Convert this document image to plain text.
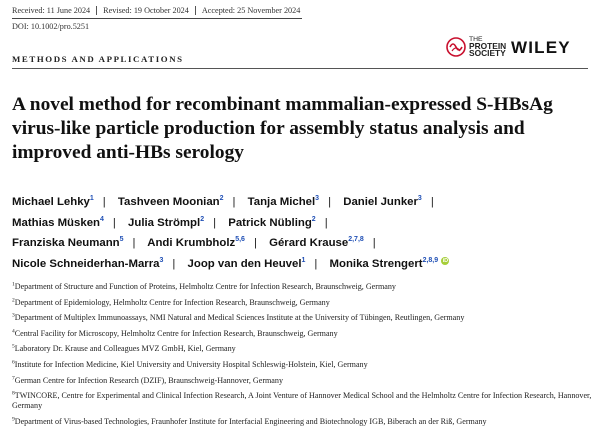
Received: 11 June 2024	Revised: 19 October 2024	Accepted: 25 November 2024
DOI: 10.1002/pro.5251
THE
PROTEIN
SOCIETY WILEY
METHODS AND APPLICATIONS
A novel method for recombinant mammalian-expressed S-HBsAg virus-like particle production for assembly status analysis and improved anti-HBs serology
Michael Lehky$^1$ | Tashveen Moonian$^2$ | Tanja Michel$^3$ | Daniel Junker$^3$ |
Mathias Müsken$^4$ | Julia Strömpl$^2$ | Patrick Nübling$^2$ |
Franziska Neumann$^5$ | Andi Krumbholz$^{5,6}$ | Gérard Krause$^{2,7,8}$ |
Nicole Schneiderhan-Marra$^3$ | Joop van den Heuvel$^1$ | Monika Strengert$^{2,8,9}$ iD
$^1$Department of Structure and Function of Proteins, Helmholtz Centre for Infection Research, Braunschweig, Germany
$^2$Department of Epidemiology, Helmholtz Centre for Infection Research, Braunschweig, Germany
$^3$Department of Multiplex Immunoassays, NMI Natural and Medical Sciences Institute at the University of Tübingen, Reutlingen, Germany
$^4$Central Facility for Microscopy, Helmholtz Centre for Infection Research, Braunschweig, Germany
$^5$Laboratory Dr. Krause and Colleagues MVZ GmbH, Kiel, Germany
$^6$Institute for Infection Medicine, Kiel University and University Hospital Schleswig-Holstein, Kiel, Germany
$^7$German Centre for Infection Research (DZIF), Braunschweig-Hannover, Germany
$^8$TWINCORE, Centre for Experimental and Clinical Infection Research, A Joint Venture of Hannover Medical School and the Helmholtz Centre for Infection Research, Hannover, Germany
$^9$Department of Virus-based Technologies, Fraunhofer Institute for Interfacial Engineering and Biotechnology IGB, Biberach an der Riß, Germany
